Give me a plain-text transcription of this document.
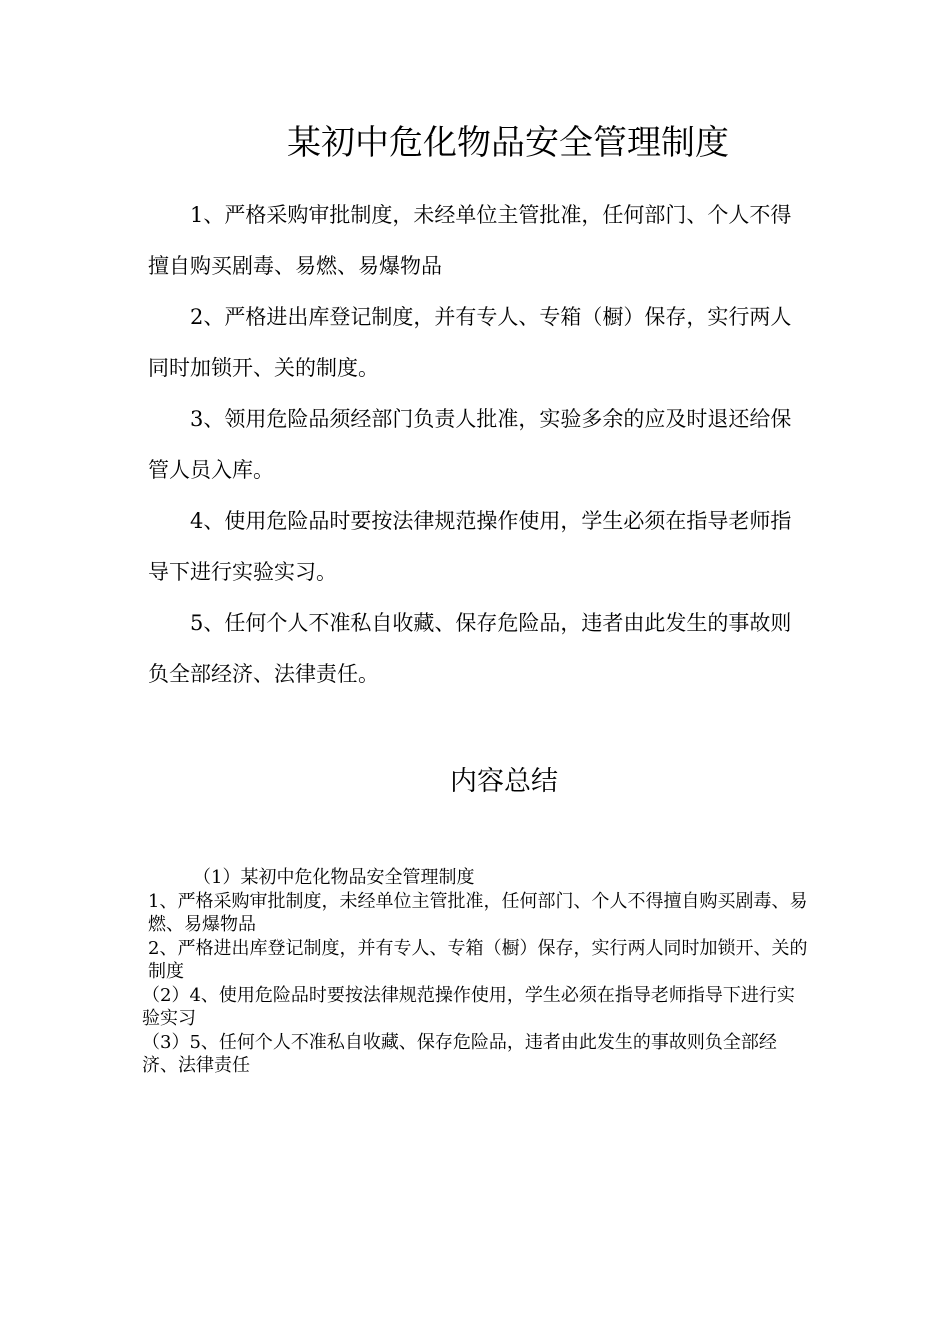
某初中危化物品安全管理制度

1、严格采购审批制度，未经单位主管批准，任何部门、个人不得擅自购买剧毒、易燃、易爆物品

2、严格进出库登记制度，并有专人、专箱（橱）保存，实行两人同时加锁开、关的制度。

3、领用危险品须经部门负责人批准，实验多余的应及时退还给保管人员入库。

4、使用危险品时要按法律规范操作使用，学生必须在指导老师指导下进行实验实习。

5、任何个人不准私自收藏、保存危险品，违者由此发生的事故则负全部经济、法律责任。

内容总结

（1）某初中危化物品安全管理制度

1、严格采购审批制度，未经单位主管批准，任何部门、个人不得擅自购买剧毒、易燃、易爆物品

2、严格进出库登记制度，并有专人、专箱（橱）保存，实行两人同时加锁开、关的制度

（2）4、使用危险品时要按法律规范操作使用，学生必须在指导老师指导下进行实验实习

（3）5、任何个人不准私自收藏、保存危险品，违者由此发生的事故则负全部经济、法律责任
